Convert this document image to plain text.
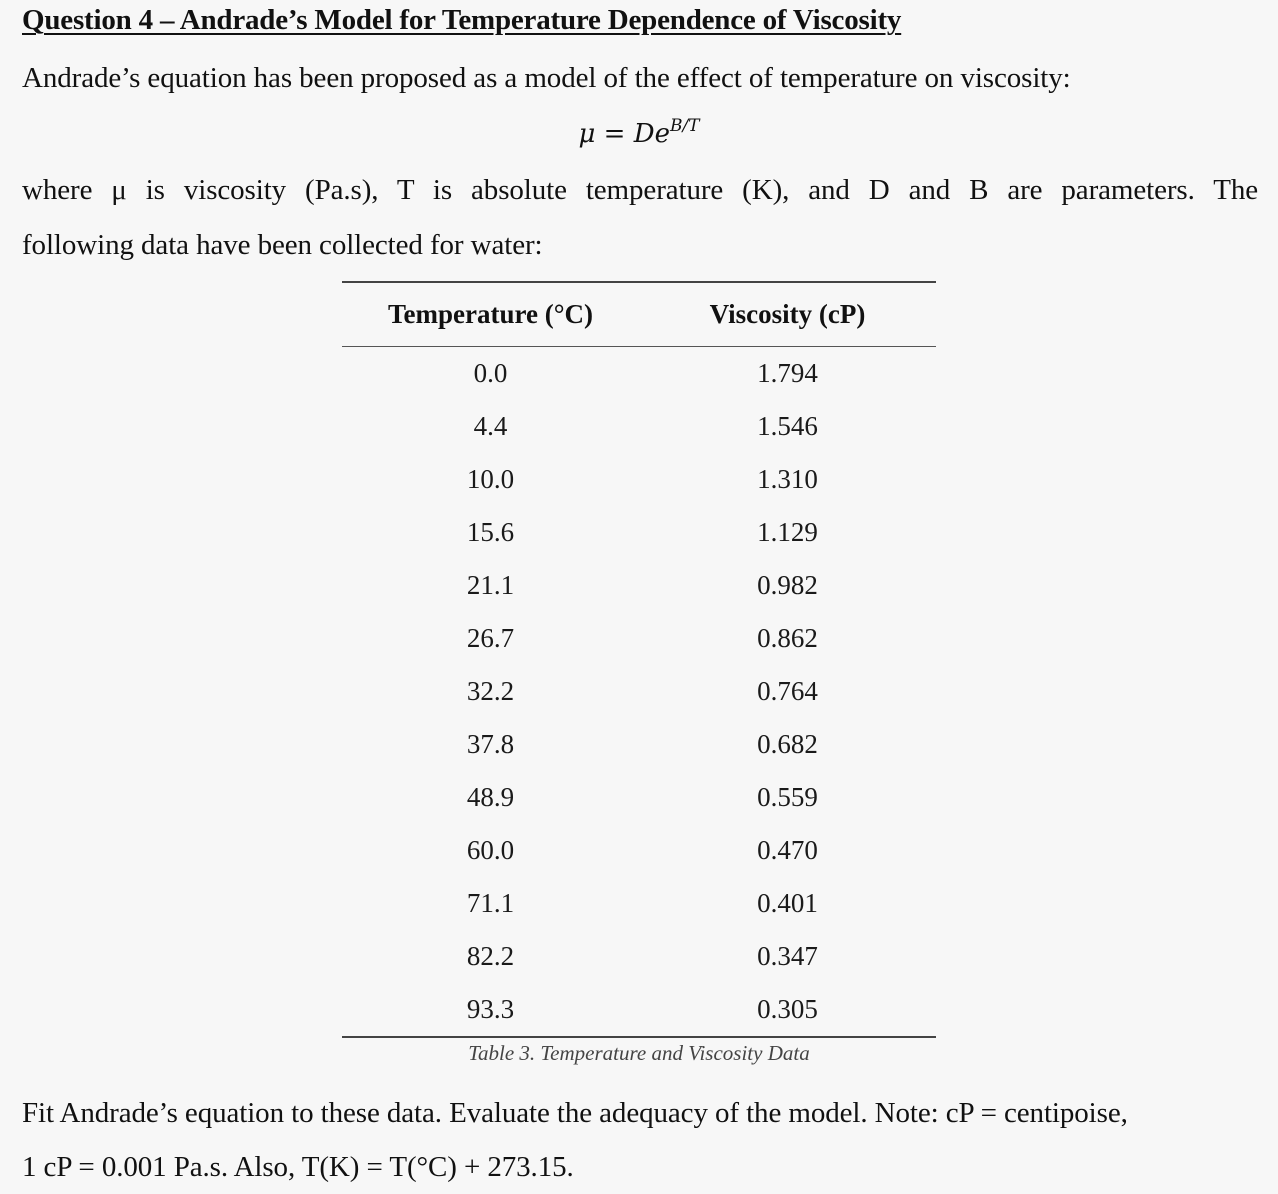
Question 4 – Andrade’s Model for Temperature Dependence of Viscosity
Andrade’s equation has been proposed as a model of the effect of temperature on viscosity:
$\mu = De^{B/T}$
where μ is viscosity (Pa.s), T is absolute temperature (K), and D and B are parameters. The
following data have been collected for water:
Temperature (°C)	Viscosity (cP)
0.0	1.794
4.4	1.546
10.0	1.310
15.6	1.129
21.1	0.982
26.7	0.862
32.2	0.764
37.8	0.682
48.9	0.559
60.0	0.470
71.1	0.401
82.2	0.347
93.3	0.305
Table 3. Temperature and Viscosity Data
Fit Andrade’s equation to these data. Evaluate the adequacy of the model. Note: cP = centipoise,
1 cP = 0.001 Pa.s. Also, T(K) = T(°C) + 273.15.
